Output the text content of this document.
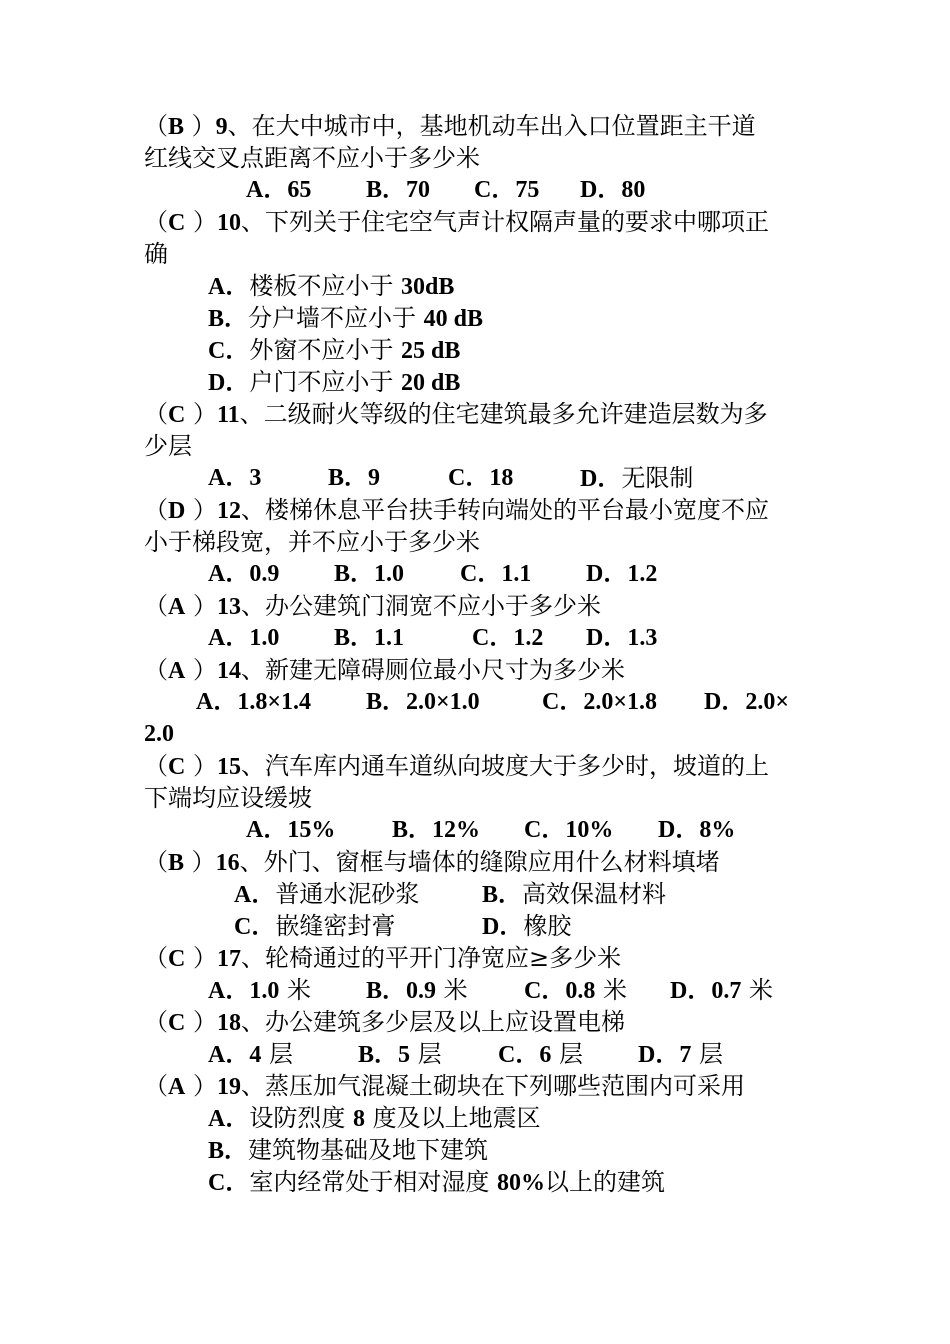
（B ）9、在大中城市中，基地机动车出入口位置距主干道
红线交叉点距离不应小于多少米
A．65 B．70 C．75 D．80
（C ）10、下列关于住宅空气声计权隔声量的要求中哪项正
确
A．楼板不应小于 30dB
B．分户墙不应小于 40 dB
C．外窗不应小于 25 dB
D．户门不应小于 20 dB
（C ）11、二级耐火等级的住宅建筑最多允许建造层数为多
少层
A．3	B．9	C．18	D．无限制
（D ）12、楼梯休息平台扶手转向端处的平台最小宽度不应
小于梯段宽，并不应小于多少米
A．0.9 B．1.0 C．1.1 D．1.2
（A ）13、办公建筑门洞宽不应小于多少米
A．1.0 B．1.1	C．1.2 D．1.3
（A ）14、新建无障碍厕位最小尺寸为多少米
A．1.8×1.4 B．2.0×1.0	C．2.0×1.8 D．2.0×
2.0
（C ）15、汽车库内通车道纵向坡度大于多少时，坡道的上
下端均应设缓坡
A．15% B．12% C．10% D．8%
（B ）16、外门、窗框与墙体的缝隙应用什么材料填堵
A．普通水泥砂浆	B．高效保温材料
C．嵌缝密封膏	D．橡胶
（C ）17、轮椅通过的平开门净宽应≥多少米
A．1.0 米 B．0.9 米 C．0.8 米 D．0.7 米
（C ）18、办公建筑多少层及以上应设置电梯
A．4 层	B．5 层 C．6 层 D．7 层
（A ）19、蒸压加气混凝土砌块在下列哪些范围内可采用
A．设防烈度 8 度及以上地震区
B．建筑物基础及地下建筑
C．室内经常处于相对湿度 80%以上的建筑
